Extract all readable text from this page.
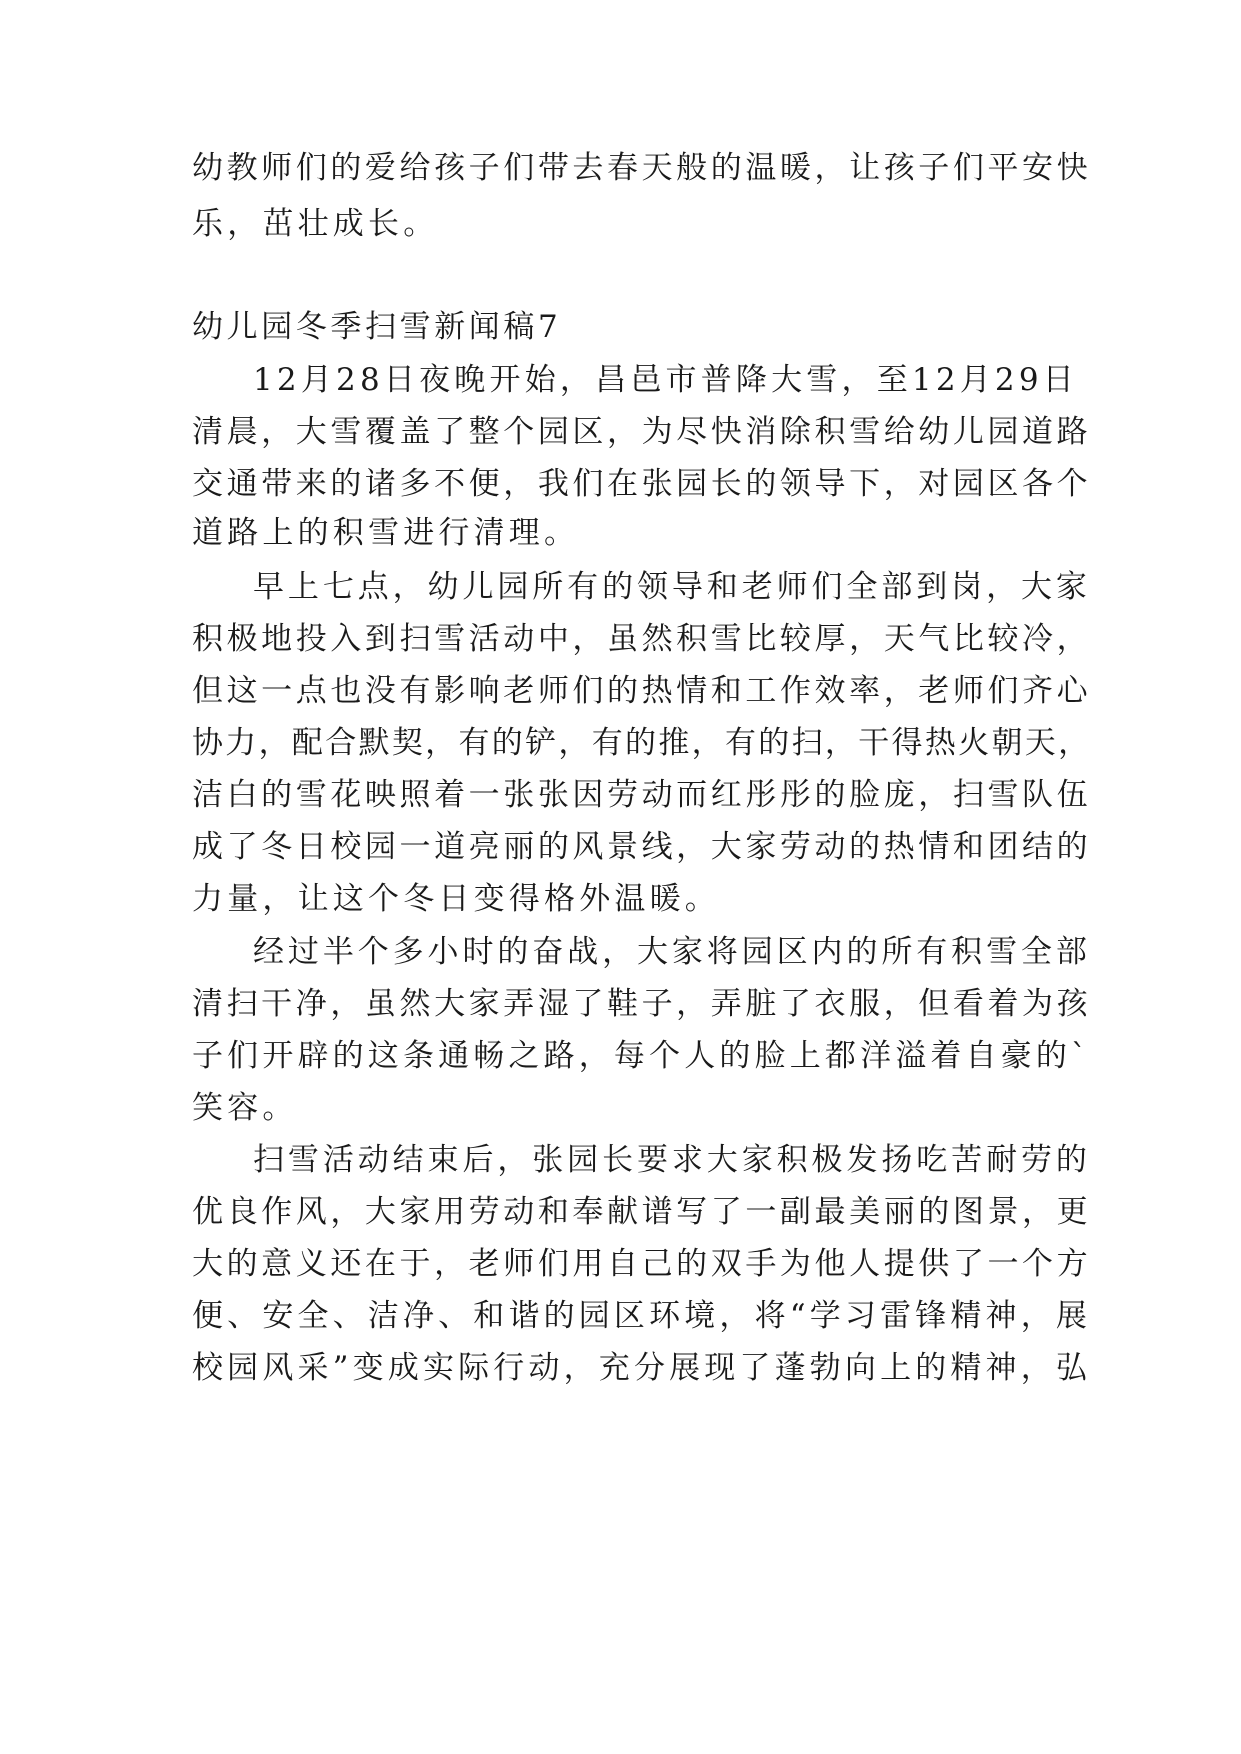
幼教师们的爱给孩子们带去春天般的温暖，让孩子们平安快
乐，茁壮成长。
幼儿园冬季扫雪新闻稿7
12月28日夜晚开始，昌邑市普降大雪，至12月29日
清晨，大雪覆盖了整个园区，为尽快消除积雪给幼儿园道路
交通带来的诸多不便，我们在张园长的领导下，对园区各个
道路上的积雪进行清理。
早上七点，幼儿园所有的领导和老师们全部到岗，大家
积极地投入到扫雪活动中，虽然积雪比较厚，天气比较冷，
但这一点也没有影响老师们的热情和工作效率，老师们齐心
协力，配合默契，有的铲，有的推，有的扫，干得热火朝天，
洁白的雪花映照着一张张因劳动而红彤彤的脸庞，扫雪队伍
成了冬日校园一道亮丽的风景线，大家劳动的热情和团结的
力量，让这个冬日变得格外温暖。
经过半个多小时的奋战，大家将园区内的所有积雪全部
清扫干净，虽然大家弄湿了鞋子，弄脏了衣服，但看着为孩
子们开辟的这条通畅之路，每个人的脸上都洋溢着自豪的`
笑容。
扫雪活动结束后，张园长要求大家积极发扬吃苦耐劳的
优良作风，大家用劳动和奉献谱写了一副最美丽的图景，更
大的意义还在于，老师们用自己的双手为他人提供了一个方
便、安全、洁净、和谐的园区环境，将“学习雷锋精神，展
校园风采”变成实际行动，充分展现了蓬勃向上的精神，弘
